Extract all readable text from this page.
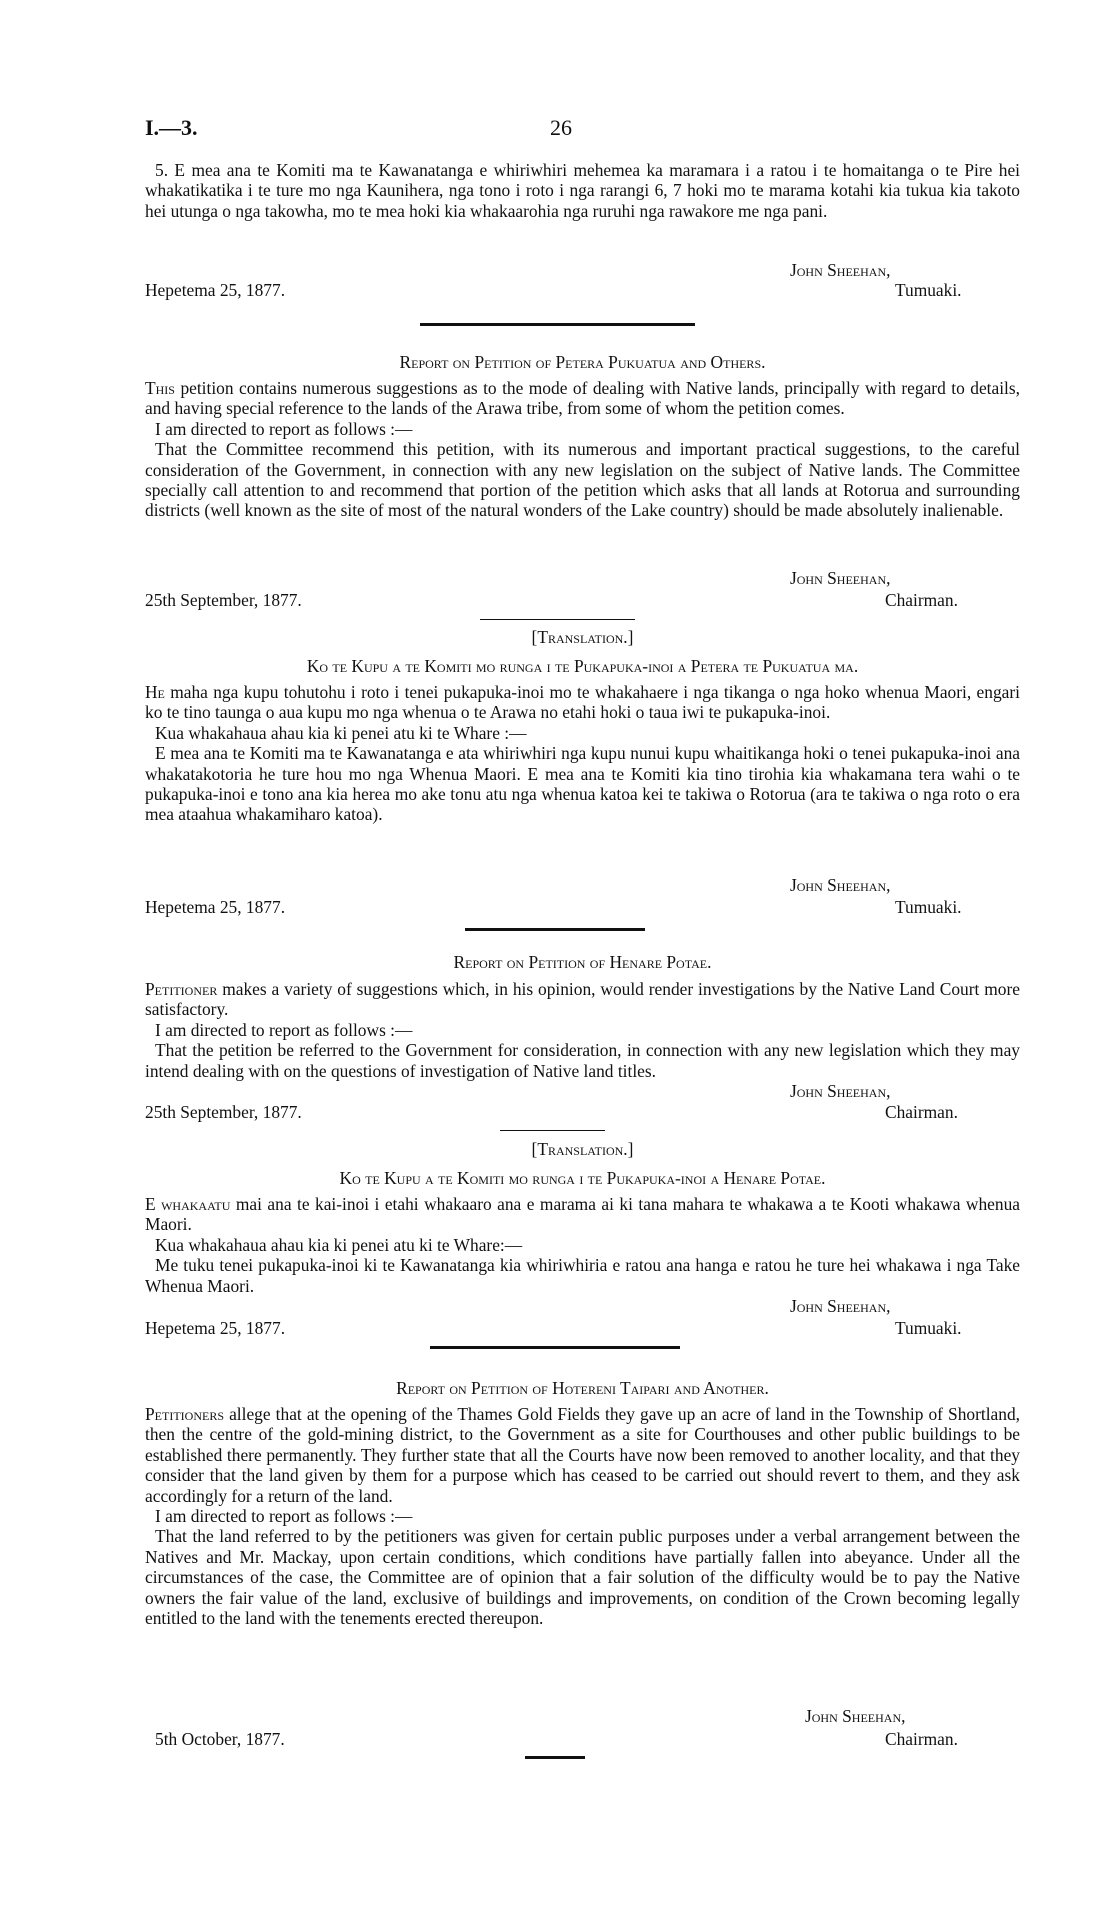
I.—3.	26

5. E mea ana te Komiti ma te Kawanatanga e whiriwhiri mehemea ka maramara i a ratou i te homaitanga o te Pire hei whakatikatika i te ture mo nga Kaunihera, nga tono i roto i nga rarangi 6, 7 hoki mo te marama kotahi kia tukua kia takoto hei utunga o nga takowha, mo te mea hoki kia whakaarohia nga ruruhi nga rawakore me nga pani.

John Sheehan,
Hepetema 25, 1877.	Tumuaki.
Report on Petition of Petera Pukuatua and Others.

This petition contains numerous suggestions as to the mode of dealing with Native lands, principally with regard to details, and having special reference to the lands of the Arawa tribe, from some of whom the petition comes.

I am directed to report as follows :—

That the Committee recommend this petition, with its numerous and important practical suggestions, to the careful consideration of the Government, in connection with any new legislation on the subject of Native lands. The Committee specially call attention to and recommend that portion of the petition which asks that all lands at Rotorua and surrounding districts (well known as the site of most of the natural wonders of the Lake country) should be made absolutely inalienable.

John Sheehan,
25th September, 1877.	Chairman.
[Translation.]
Ko te Kupu a te Komiti mo runga i te Pukapuka-inoi a Petera te Pukuatua ma.

He maha nga kupu tohutohu i roto i tenei pukapuka-inoi mo te whakahaere i nga tikanga o nga hoko whenua Maori, engari ko te tino taunga o aua kupu mo nga whenua o te Arawa no etahi hoki o taua iwi te pukapuka-inoi.

Kua whakahaua ahau kia ki penei atu ki te Whare :—

E mea ana te Komiti ma te Kawanatanga e ata whiriwhiri nga kupu nunui kupu whaitikanga hoki o tenei pukapuka-inoi ana whakatakotoria he ture hou mo nga Whenua Maori. E mea ana te Komiti kia tino tirohia kia whakamana tera wahi o te pukapuka-inoi e tono ana kia herea mo ake tonu atu nga whenua katoa kei te takiwa o Rotorua (ara te takiwa o nga roto o era mea ataahua whakamiharo katoa).

John Sheehan,
Hepetema 25, 1877.	Tumuaki.
Report on Petition of Henare Potae.

Petitioner makes a variety of suggestions which, in his opinion, would render investigations by the Native Land Court more satisfactory.

I am directed to report as follows :—

That the petition be referred to the Government for consideration, in connection with any new legislation which they may intend dealing with on the questions of investigation of Native land titles.

John Sheehan,
25th September, 1877.	Chairman.
[Translation.]
Ko te Kupu a te Komiti mo runga i te Pukapuka-inoi a Henare Potae.

E whakaatu mai ana te kai-inoi i etahi whakaaro ana e marama ai ki tana mahara te whakawa a te Kooti whakawa whenua Maori.

Kua whakahaua ahau kia ki penei atu ki te Whare:—

Me tuku tenei pukapuka-inoi ki te Kawanatanga kia whiriwhiria e ratou ana hanga e ratou he ture hei whakawa i nga Take Whenua Maori.

John Sheehan,
Hepetema 25, 1877.	Tumuaki.
Report on Petition of Hotereni Taipari and Another.

Petitioners allege that at the opening of the Thames Gold Fields they gave up an acre of land in the Township of Shortland, then the centre of the gold-mining district, to the Government as a site for Courthouses and other public buildings to be established there permanently. They further state that all the Courts have now been removed to another locality, and that they consider that the land given by them for a purpose which has ceased to be carried out should revert to them, and they ask accordingly for a return of the land.

I am directed to report as follows :—

That the land referred to by the petitioners was given for certain public purposes under a verbal arrangement between the Natives and Mr. Mackay, upon certain conditions, which conditions have partially fallen into abeyance. Under all the circumstances of the case, the Committee are of opinion that a fair solution of the difficulty would be to pay the Native owners the fair value of the land, exclusive of buildings and improvements, on condition of the Crown becoming legally entitled to the land with the tenements erected thereupon.

John Sheehan,
5th October, 1877.	Chairman.
